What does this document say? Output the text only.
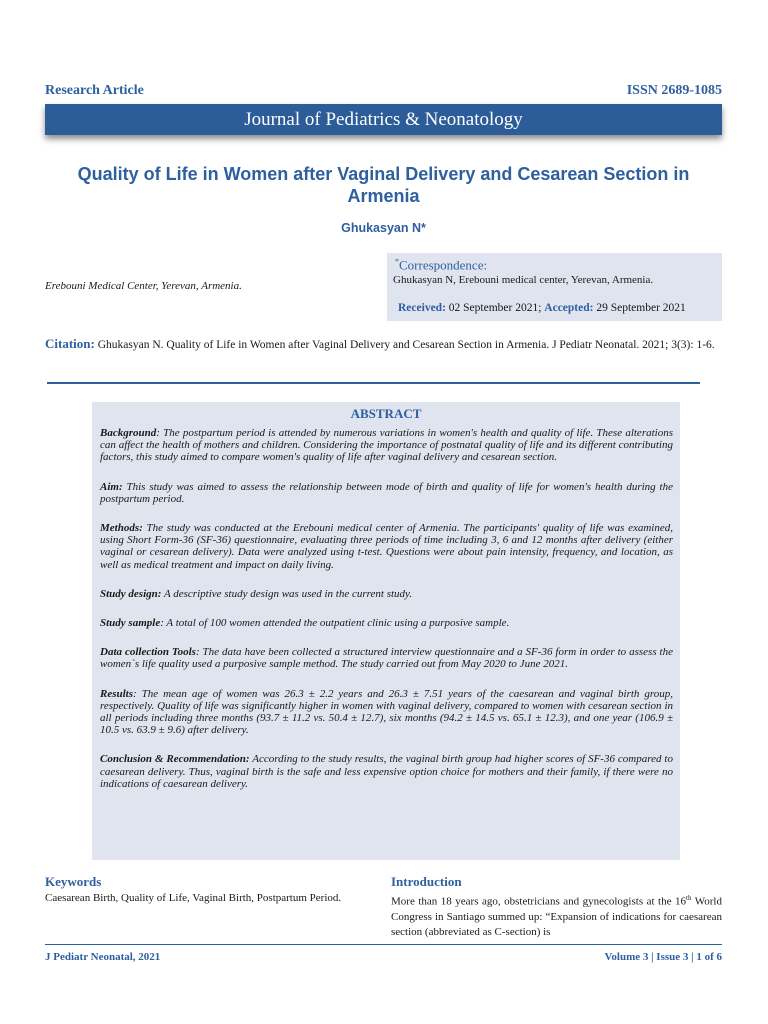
Research Article	ISSN 2689-1085
Journal of Pediatrics & Neonatology
Quality of Life in Women after Vaginal Delivery and Cesarean Section in Armenia
Ghukasyan N*
Erebouni Medical Center, Yerevan, Armenia.
*Correspondence:
Ghukasyan N, Erebouni medical center, Yerevan, Armenia.
Received: 02 September 2021; Accepted: 29 September 2021
Citation: Ghukasyan N. Quality of Life in Women after Vaginal Delivery and Cesarean Section in Armenia. J Pediatr Neonatal. 2021; 3(3): 1-6.
ABSTRACT

Background: The postpartum period is attended by numerous variations in women's health and quality of life. These alterations can affect the health of mothers and children. Considering the importance of postnatal quality of life and its different contributing factors, this study aimed to compare women's quality of life after vaginal delivery and cesarean section.

Aim: This study was aimed to assess the relationship between mode of birth and quality of life for women's health during the postpartum period.

Methods: The study was conducted at the Erebouni medical center of Armenia. The participants' quality of life was examined, using Short Form-36 (SF-36) questionnaire, evaluating three periods of time including 3, 6 and 12 months after delivery (either vaginal or cesarean delivery). Data were analyzed using t-test. Questions were about pain intensity, frequency, and location, as well as medical treatment and impact on daily living.

Study design: A descriptive study design was used in the current study.

Study sample: A total of 100 women attended the outpatient clinic using a purposive sample.

Data collection Tools: The data have been collected a structured interview questionnaire and a SF-36 form in order to assess the women`s life quality used a purposive sample method. The study carried out from May 2020 to June 2021.

Results: The mean age of women was 26.3 ± 2.2 years and 26.3 ± 7.51 years of the caesarean and vaginal birth group, respectively. Quality of life was significantly higher in women with vaginal delivery, compared to women with cesarean section in all periods including three months (93.7 ± 11.2 vs. 50.4 ± 12.7), six months (94.2 ± 14.5 vs. 65.1 ± 12.3), and one year (106.9 ± 10.5 vs. 63.9 ± 9.6) after delivery.

Conclusion & Recommendation: According to the study results, the vaginal birth group had higher scores of SF-36 compared to caesarean delivery. Thus, vaginal birth is the safe and less expensive option choice for mothers and their family, if there were no indications of caesarean delivery.

Keywords
Caesarean Birth, Quality of Life, Vaginal Birth, Postpartum Period.
Introduction
More than 18 years ago, obstetricians and gynecologists at the 16th World Congress in Santiago summed up: “Expansion of indications for caesarean section (abbreviated as C-section) is
J Pediatr Neonatal, 2021	Volume 3 | Issue 3 | 1 of 6
